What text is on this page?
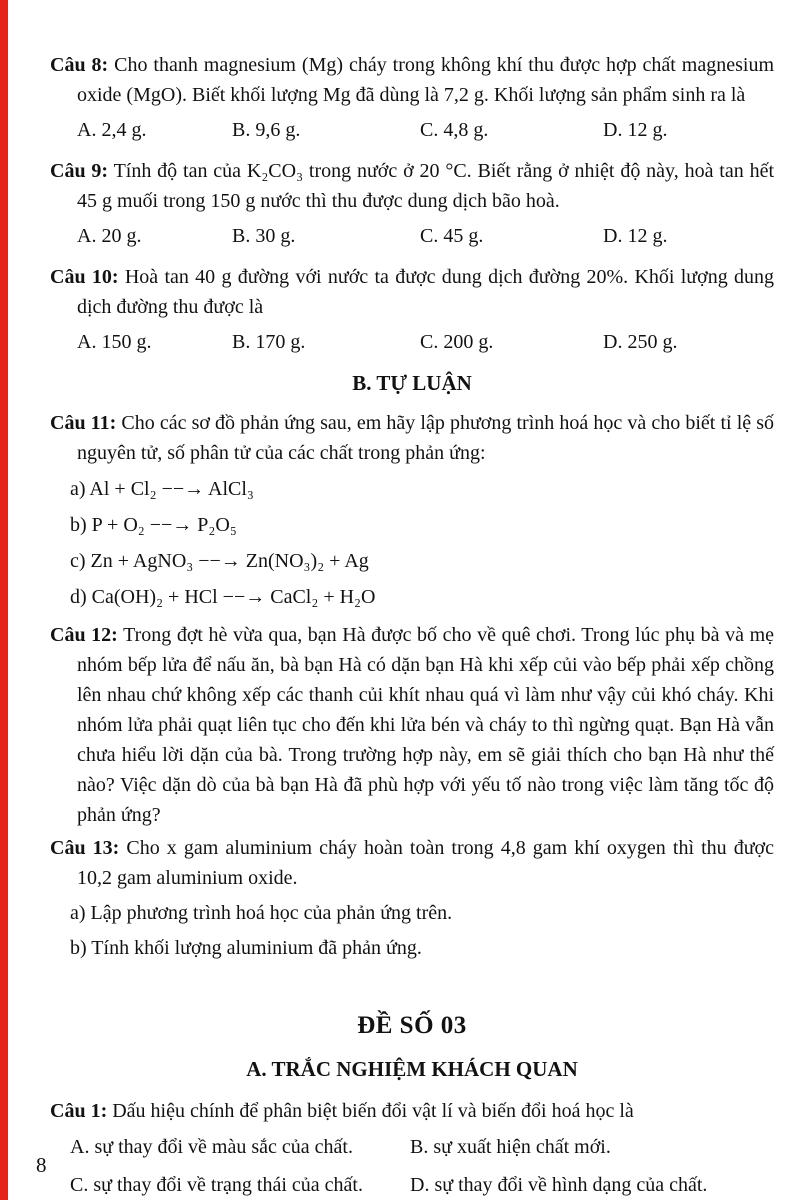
Câu 8: Cho thanh magnesium (Mg) cháy trong không khí thu được hợp chất magnesium oxide (MgO). Biết khối lượng Mg đã dùng là 7,2 g. Khối lượng sản phẩm sinh ra là
A. 2,4 g.	B. 9,6 g.	C. 4,8 g.	D. 12 g.
Câu 9: Tính độ tan của K₂CO₃ trong nước ở 20 °C. Biết rằng ở nhiệt độ này, hoà tan hết 45 g muối trong 150 g nước thì thu được dung dịch bão hoà.
A. 20 g.	B. 30 g.	C. 45 g.	D. 12 g.
Câu 10: Hoà tan 40 g đường với nước ta được dung dịch đường 20%. Khối lượng dung dịch đường thu được là
A. 150 g.	B. 170 g.	C. 200 g.	D. 250 g.
B. TỰ LUẬN
Câu 11: Cho các sơ đồ phản ứng sau, em hãy lập phương trình hoá học và cho biết tỉ lệ số nguyên tử, số phân tử của các chất trong phản ứng:
a) Al + Cl₂ −−→ AlCl₃
b) P + O₂ −−→ P₂O₅
c) Zn + AgNO₃ −−→ Zn(NO₃)₂ + Ag
d) Ca(OH)₂ + HCl −−→ CaCl₂ + H₂O
Câu 12: Trong đợt hè vừa qua, bạn Hà được bố cho về quê chơi. Trong lúc phụ bà và mẹ nhóm bếp lửa để nấu ăn, bà bạn Hà có dặn bạn Hà khi xếp củi vào bếp phải xếp chồng lên nhau chứ không xếp các thanh củi khít nhau quá vì làm như vậy củi khó cháy. Khi nhóm lửa phải quạt liên tục cho đến khi lửa bén và cháy to thì ngừng quạt. Bạn Hà vẫn chưa hiểu lời dặn của bà. Trong trường hợp này, em sẽ giải thích cho bạn Hà như thế nào? Việc dặn dò của bà bạn Hà đã phù hợp với yếu tố nào trong việc làm tăng tốc độ phản ứng?
Câu 13: Cho x gam aluminium cháy hoàn toàn trong 4,8 gam khí oxygen thì thu được 10,2 gam aluminium oxide.
a) Lập phương trình hoá học của phản ứng trên.
b) Tính khối lượng aluminium đã phản ứng.
ĐỀ SỐ 03
A. TRẮC NGHIỆM KHÁCH QUAN
Câu 1: Dấu hiệu chính để phân biệt biến đổi vật lí và biến đổi hoá học là
A. sự thay đổi về màu sắc của chất.	B. sự xuất hiện chất mới.
C. sự thay đổi về trạng thái của chất.	D. sự thay đổi về hình dạng của chất.
8
